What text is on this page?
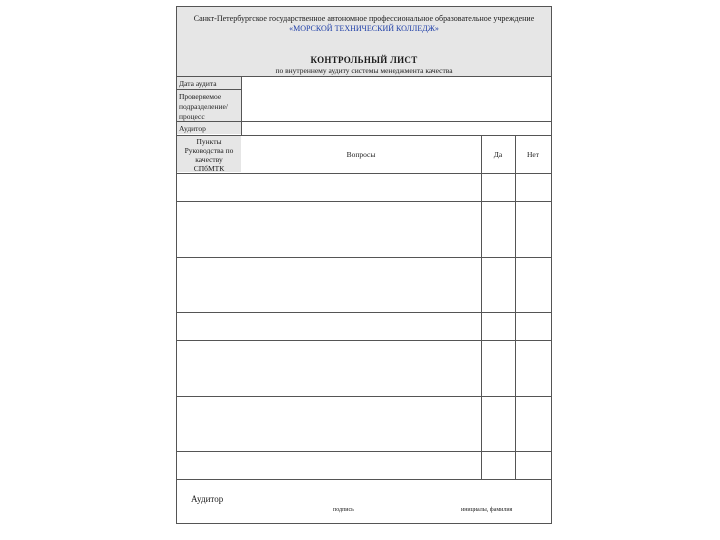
Санкт-Петербургское государственное автономное профессиональное образовательное учреждение
«МОРСКОЙ ТЕХНИЧЕСКИЙ КОЛЛЕДЖ»
КОНТРОЛЬНЫЙ ЛИСТ
по внутреннему аудиту системы менеджмента качества
Дата аудита
Проверяемое
подразделение/
процесс
Аудитор
Пункты
Руководства по
качеству
СПбМТК
Вопросы	Да	Нет
Аудитор
подпись	инициалы, фамилия
